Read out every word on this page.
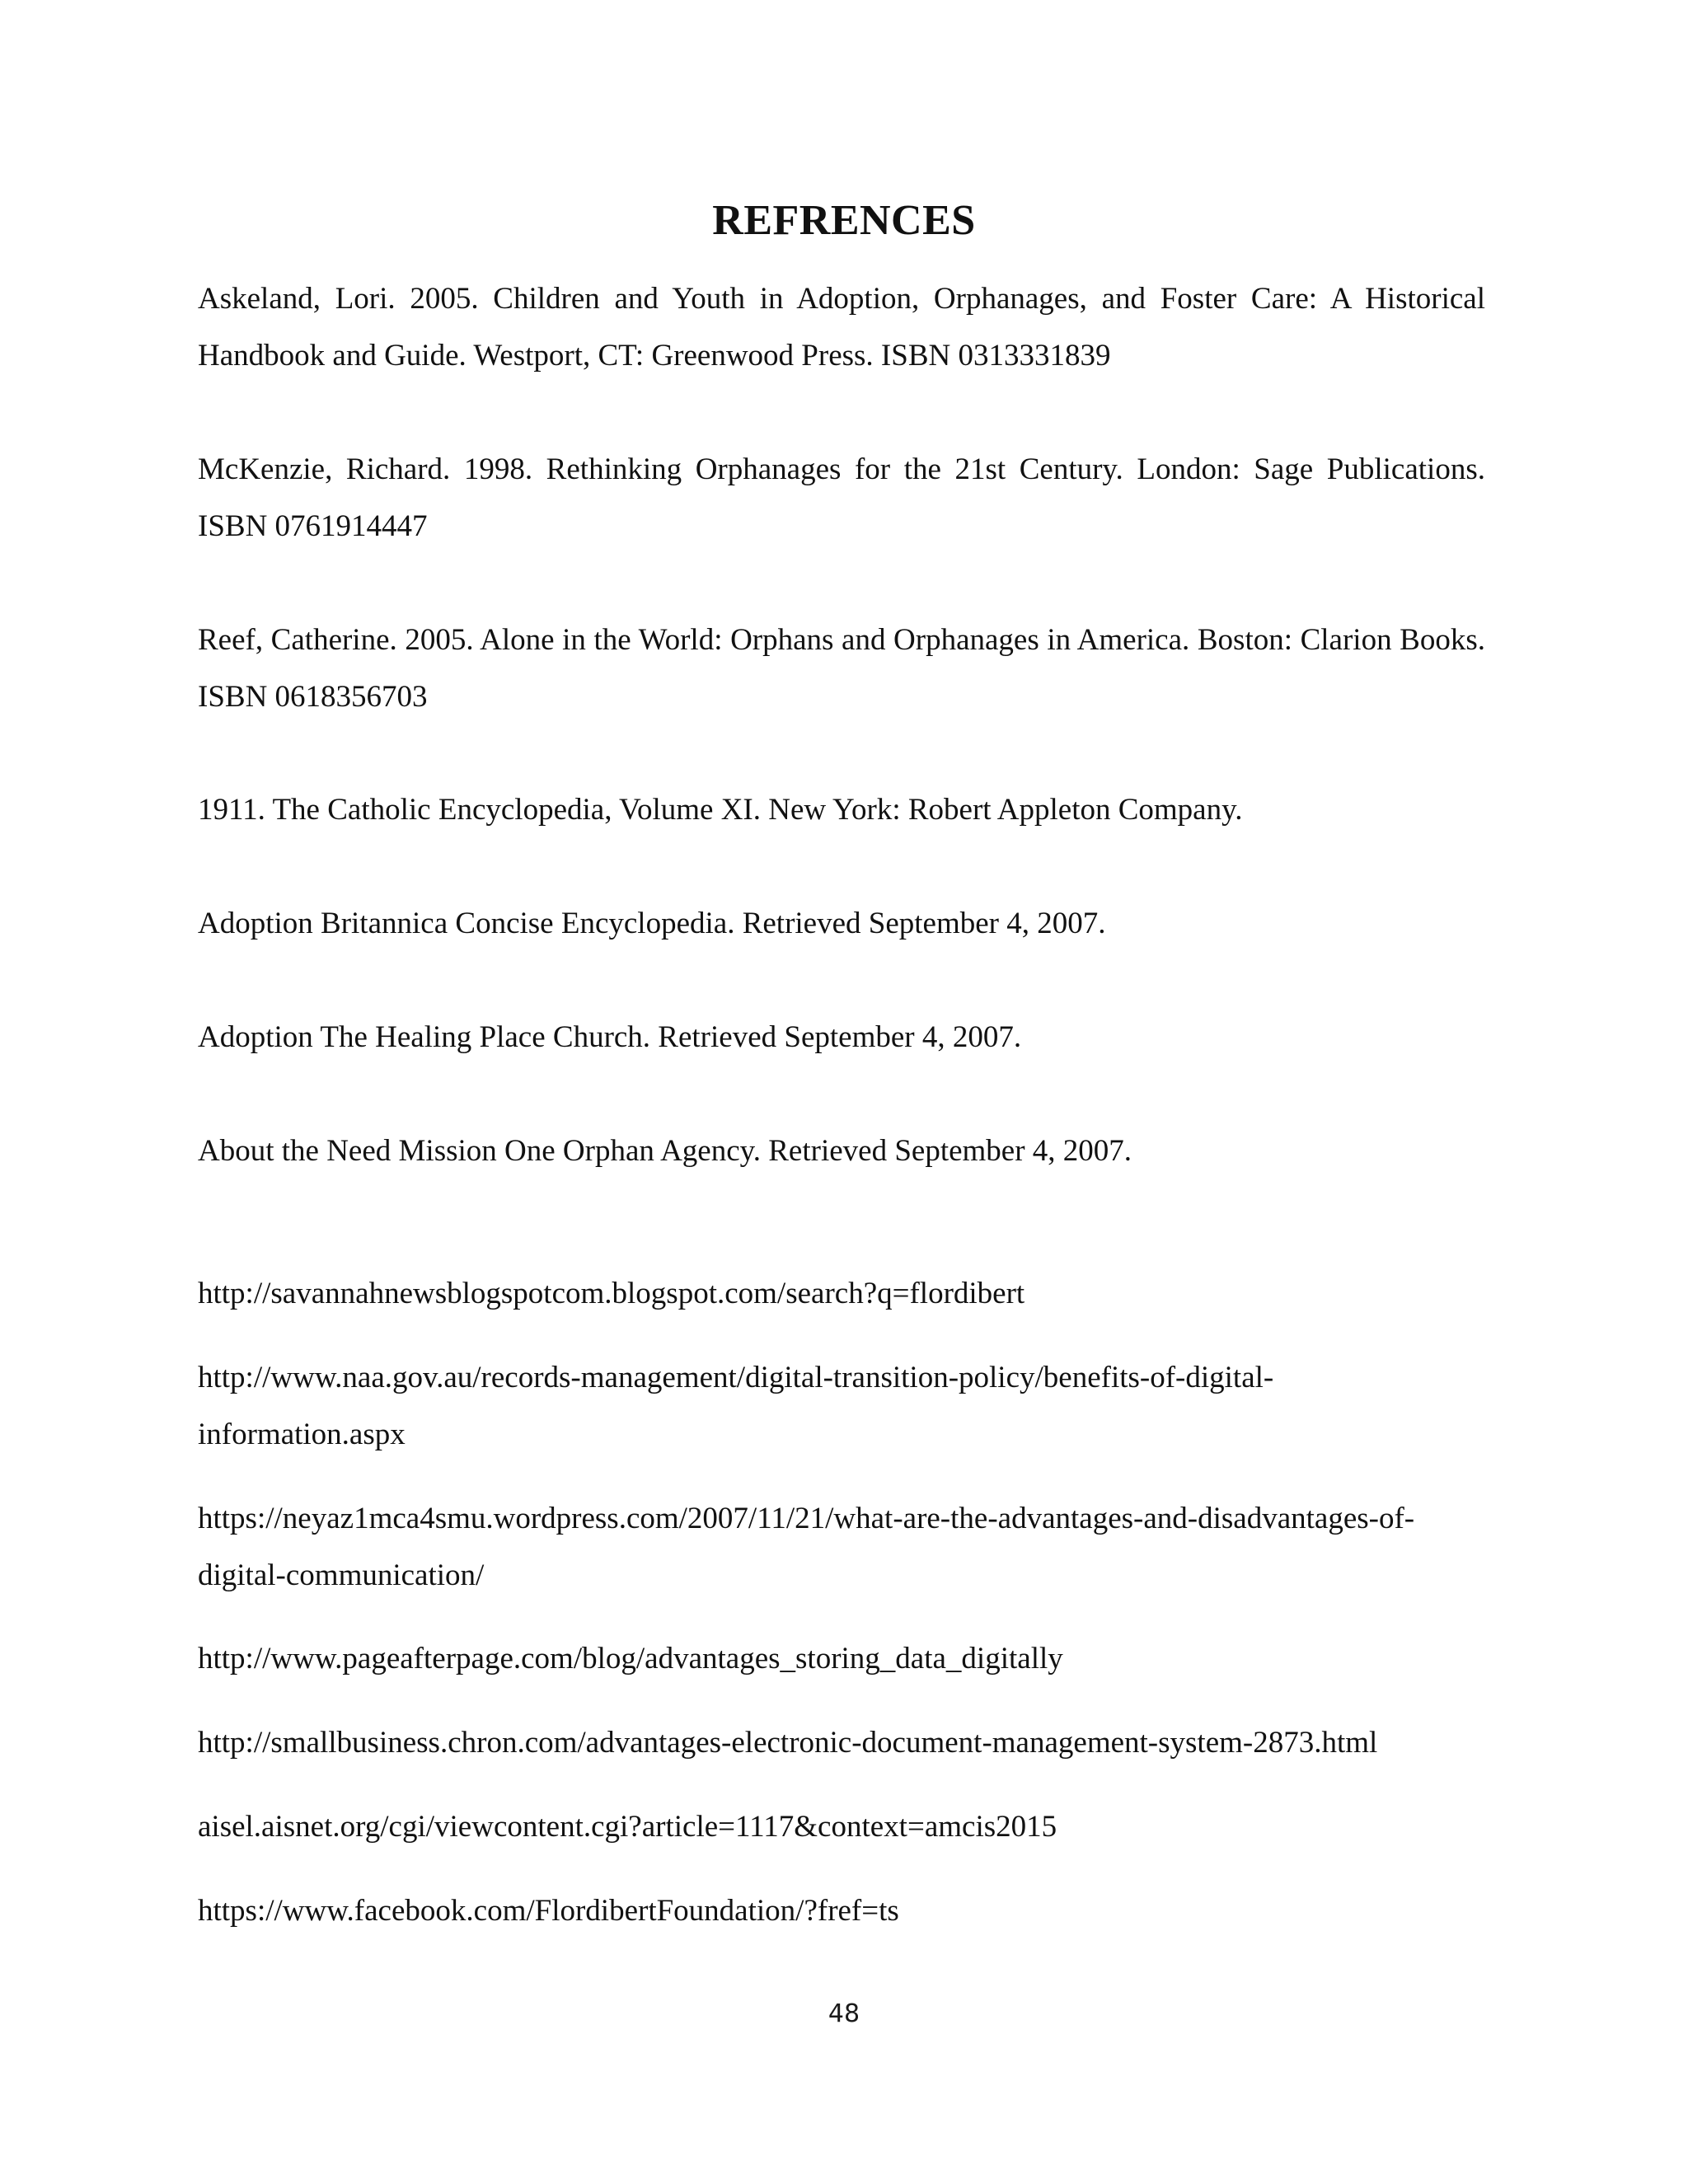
REFRENCES

Askeland, Lori. 2005. Children and Youth in Adoption, Orphanages, and Foster Care: A Historical Handbook and Guide. Westport, CT: Greenwood Press. ISBN 0313331839

McKenzie, Richard. 1998. Rethinking Orphanages for the 21st Century. London: Sage Publications. ISBN 0761914447

Reef, Catherine. 2005. Alone in the World: Orphans and Orphanages in America. Boston: Clarion Books. ISBN 0618356703

1911. The Catholic Encyclopedia, Volume XI. New York: Robert Appleton Company.

Adoption Britannica Concise Encyclopedia. Retrieved September 4, 2007.

Adoption The Healing Place Church. Retrieved September 4, 2007.

About the Need Mission One Orphan Agency. Retrieved September 4, 2007.

http://savannahnewsblogspotcom.blogspot.com/search?q=flordibert

http://www.naa.gov.au/records-management/digital-transition-policy/benefits-of-digital-information.aspx

https://neyaz1mca4smu.wordpress.com/2007/11/21/what-are-the-advantages-and-disadvantages-of-digital-communication/

http://www.pageafterpage.com/blog/advantages_storing_data_digitally

http://smallbusiness.chron.com/advantages-electronic-document-management-system-2873.html

aisel.aisnet.org/cgi/viewcontent.cgi?article=1117&context=amcis2015

https://www.facebook.com/FlordibertFoundation/?fref=ts

48
